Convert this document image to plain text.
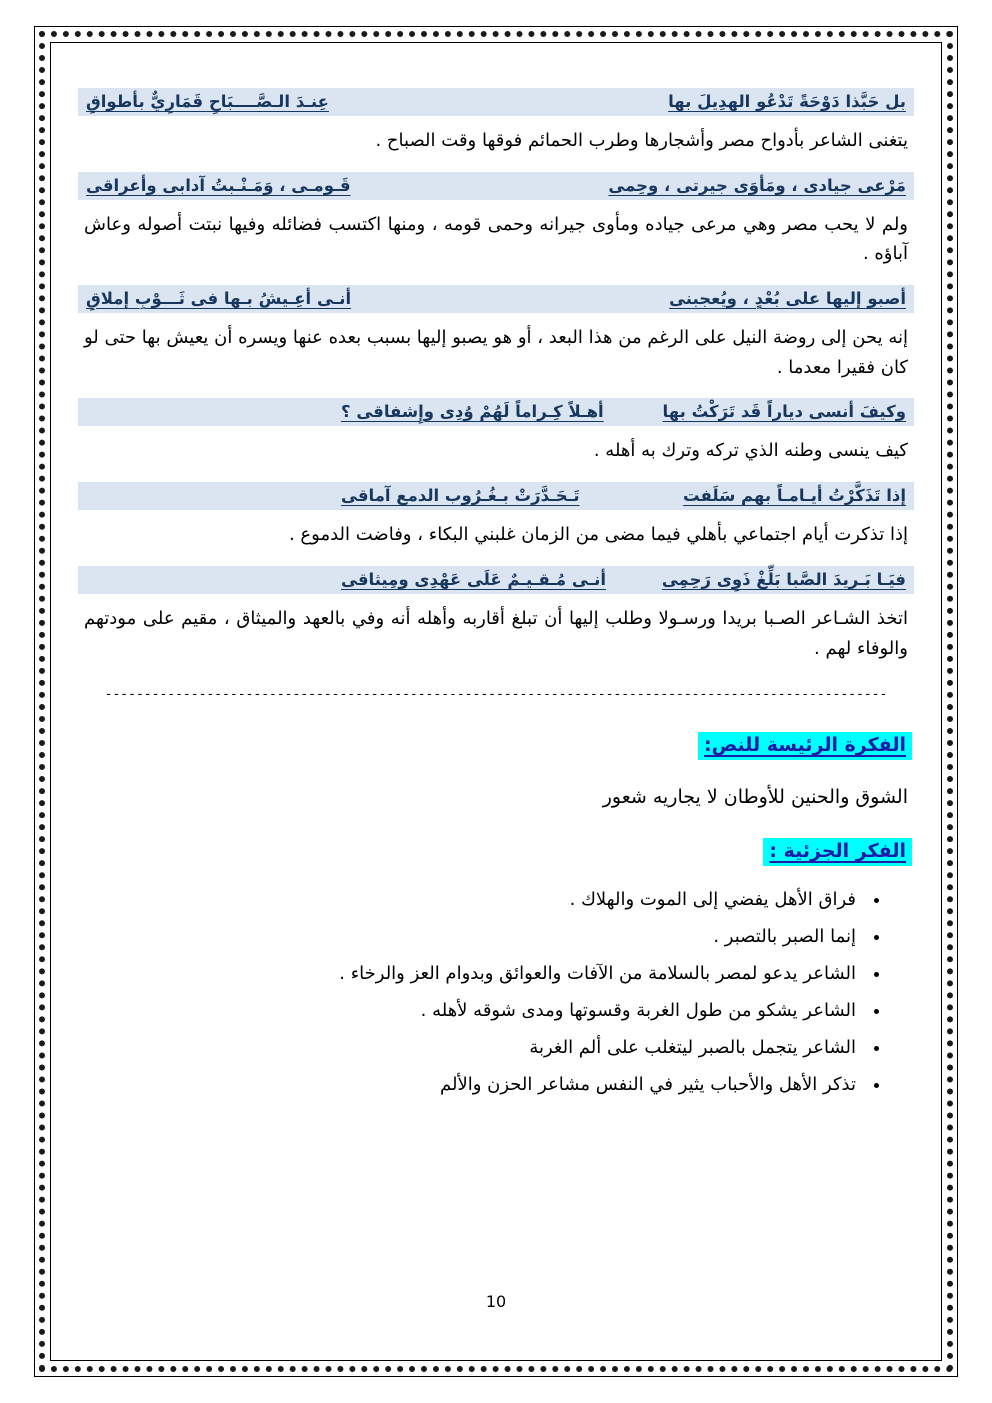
بل حَبَّذا دَوْحَةً تَدْعُو الهدِيلَ بها
عِنـدَ الـصَّــــبَاحِ قَمَارِيٌّ بأطواقِ

يتغنى الشاعر بأدواح مصر وأشجارها وطرب الحمائم فوقها وقت الصباح .

مَرْعى جيادى ، ومَأوَى جيرتى ، وحِمى
قَـومـى ، وَمَـنْـبتُ آدابى وأعراقى

ولم لا يحب مصر وهي مرعى جياده ومأوى جيرانه وحمى قومه ، ومنها اكتسب فضائله وفيها نبتت أصوله وعاش آباؤه .

أصبو إليها على بُعْدٍ ، ويُعجبنى
أنـى أعِـيشُ بـها فى ثَـــوْبِ إملاقِ

إنه يحن إلى روضة النيل على الرغم من هذا البعد ، أو هو يصبو إليها بسبب بعده عنها ويسره أن يعيش بها حتى لو كان فقيرا معدما .

وكيفَ أنسى دياراً قَد تَرَكْتُ بها
أهـلاً كِـراماً لَهُمْ وُدِى وإِشفاقى ؟

كيف ينسى وطنه الذي تركه وترك به أهله .

إذا تَذَكَّرْتُ أيـامـاً بهم سَلَفت
تَـحَـدَّرَتْ بـغُـرُوب الدمع آماقى

إذا تذكرت أيام اجتماعي بأهلي فيما مضى من الزمان غلبني البكاء ، وفاضت الدموع .

فيَـا بَـريدَ الصَّبا بَلِّغْ ذَوِى رَحِمِى
أنـى مُـقـيـمٌ عَلَى عَهْدِى ومِيثاقى

اتخذ الشـاعر الصـبا بريدا ورسـولا وطلب إليها أن تبلغ أقاربه وأهله أنه وفي بالعهد والميثاق ، مقيم على مودتهم والوفاء لهم .

----------------------------------------------------------------------------------------------------
الفكرة الرئيسة للنص:

الشوق والحنين للأوطان لا يجاريه شعور

الفكر الجزئية :
• فراق الأهل يفضي إلى الموت والهلاك .
• إنما الصبر بالتصبر .
• الشاعر يدعو لمصر بالسلامة من الآفات والعوائق وبدوام العز والرخاء .
• الشاعر يشكو من طول الغربة وقسوتها ومدى شوقه لأهله .
• الشاعر يتجمل بالصبر ليتغلب على ألم الغربة
• تذكر الأهل والأحباب يثير في النفس مشاعر الحزن والألم
10
